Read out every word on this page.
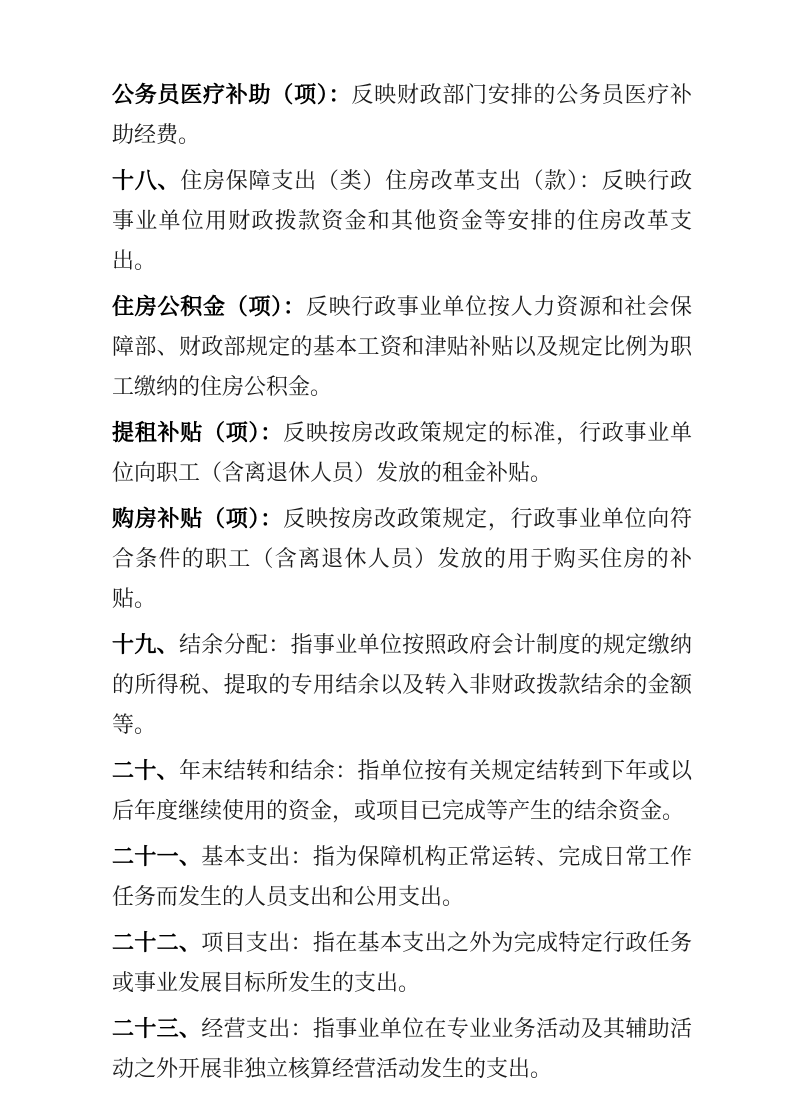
公务员医疗补助（项）：反映财政部门安排的公务员医疗补助经费。

十八、住房保障支出（类）住房改革支出（款）：反映行政事业单位用财政拨款资金和其他资金等安排的住房改革支出。

住房公积金（项）：反映行政事业单位按人力资源和社会保障部、财政部规定的基本工资和津贴补贴以及规定比例为职工缴纳的住房公积金。

提租补贴（项）：反映按房改政策规定的标准，行政事业单位向职工（含离退休人员）发放的租金补贴。

购房补贴（项）：反映按房改政策规定，行政事业单位向符合条件的职工（含离退休人员）发放的用于购买住房的补贴。

十九、结余分配：指事业单位按照政府会计制度的规定缴纳的所得税、提取的专用结余以及转入非财政拨款结余的金额等。

二十、年末结转和结余：指单位按有关规定结转到下年或以后年度继续使用的资金，或项目已完成等产生的结余资金。

二十一、基本支出：指为保障机构正常运转、完成日常工作任务而发生的人员支出和公用支出。

二十二、项目支出：指在基本支出之外为完成特定行政任务或事业发展目标所发生的支出。

二十三、经营支出：指事业单位在专业业务活动及其辅助活动之外开展非独立核算经营活动发生的支出。
